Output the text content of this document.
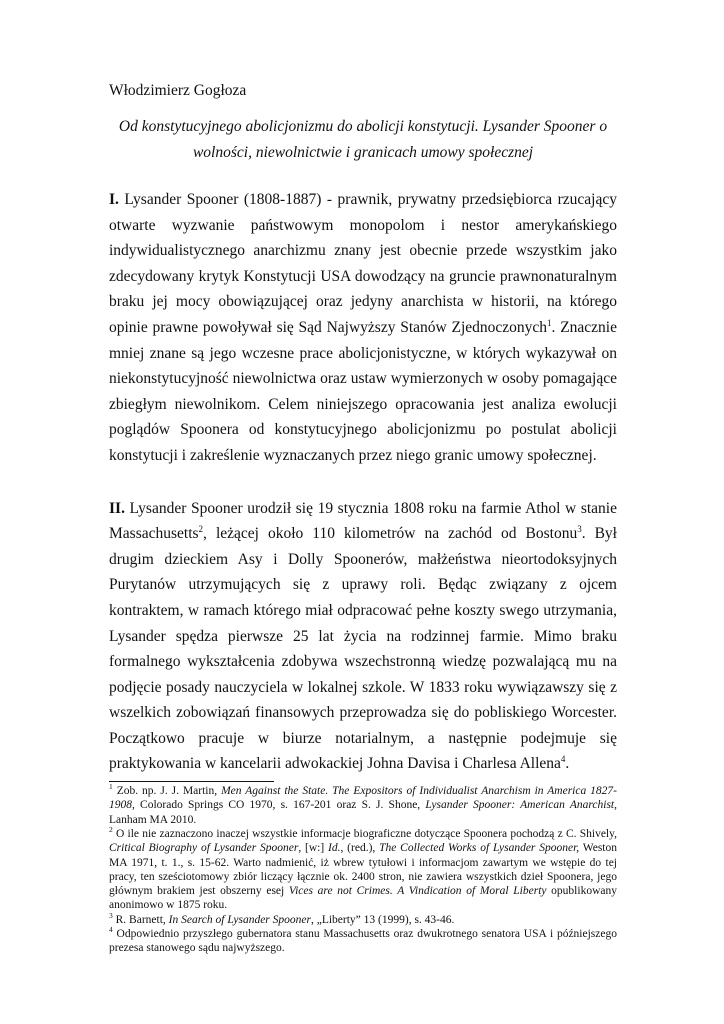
Włodzimierz Gogłoza

Od konstytucyjnego abolicjonizmu do abolicji konstytucji. Lysander Spooner o
wolności, niewolnictwie i granicach umowy społecznej

I. Lysander Spooner (1808-1887) - prawnik, prywatny przedsiębiorca rzucający otwarte wyzwanie państwowym monopolom i nestor amerykańskiego indywidualistycznego anarchizmu znany jest obecnie przede wszystkim jako zdecydowany krytyk Konstytucji USA dowodzący na gruncie prawnonaturalnym braku jej mocy obowiązującej oraz jedyny anarchista w historii, na którego opinie prawne powoływał się Sąd Najwyższy Stanów Zjednoczonych$^1$. Znacznie mniej znane są jego wczesne prace abolicjonistyczne, w których wykazywał on niekonstytucyjność niewolnictwa oraz ustaw wymierzonych w osoby pomagające zbiegłym niewolnikom. Celem niniejszego opracowania jest analiza ewolucji poglądów Spoonera od konstytucyjnego abolicjonizmu po postulat abolicji konstytucji i zakreślenie wyznaczanych przez niego granic umowy społecznej.

II. Lysander Spooner urodził się 19 stycznia 1808 roku na farmie Athol w stanie Massachusetts$^2$, leżącej około 110 kilometrów na zachód od Bostonu$^3$. Był drugim dzieckiem Asy i Dolly Spoonerów, małżeństwa nieortodoksyjnych Purytanów utrzymujących się z uprawy roli. Będąc związany z ojcem kontraktem, w ramach którego miał odpracować pełne koszty swego utrzymania, Lysander spędza pierwsze 25 lat życia na rodzinnej farmie. Mimo braku formalnego wykształcenia zdobywa wszechstronną wiedzę pozwalającą mu na podjęcie posady nauczyciela w lokalnej szkole. W 1833 roku wywiązawszy się z wszelkich zobowiązań finansowych przeprowadza się do pobliskiego Worcester. Początkowo pracuje w biurze notarialnym, a następnie podejmuje się praktykowania w kancelarii adwokackiej Johna Davisa i Charlesa Allena$^4$.

$^1$ Zob. np. J. J. Martin, Men Against the State. The Expositors of Individualist Anarchism in America 1827-1908, Colorado Springs CO 1970, s. 167-201 oraz S. J. Shone, Lysander Spooner: American Anarchist, Lanham MA 2010.

$^2$ O ile nie zaznaczono inaczej wszystkie informacje biograficzne dotyczące Spoonera pochodzą z C. Shively, Critical Biography of Lysander Spooner, [w:] Id., (red.), The Collected Works of Lysander Spooner, Weston MA 1971, t. 1., s. 15-62. Warto nadmienić, iż wbrew tytułowi i informacjom zawartym we wstępie do tej pracy, ten sześciotomowy zbiór liczący łącznie ok. 2400 stron, nie zawiera wszystkich dzieł Spoonera, jego głównym brakiem jest obszerny esej Vices are not Crimes. A Vindication of Moral Liberty opublikowany anonimowo w 1875 roku.

$^3$ R. Barnett, In Search of Lysander Spooner, „Liberty” 13 (1999), s. 43-46.

$^4$ Odpowiednio przyszłego gubernatora stanu Massachusetts oraz dwukrotnego senatora USA i późniejszego prezesa stanowego sądu najwyższego.
